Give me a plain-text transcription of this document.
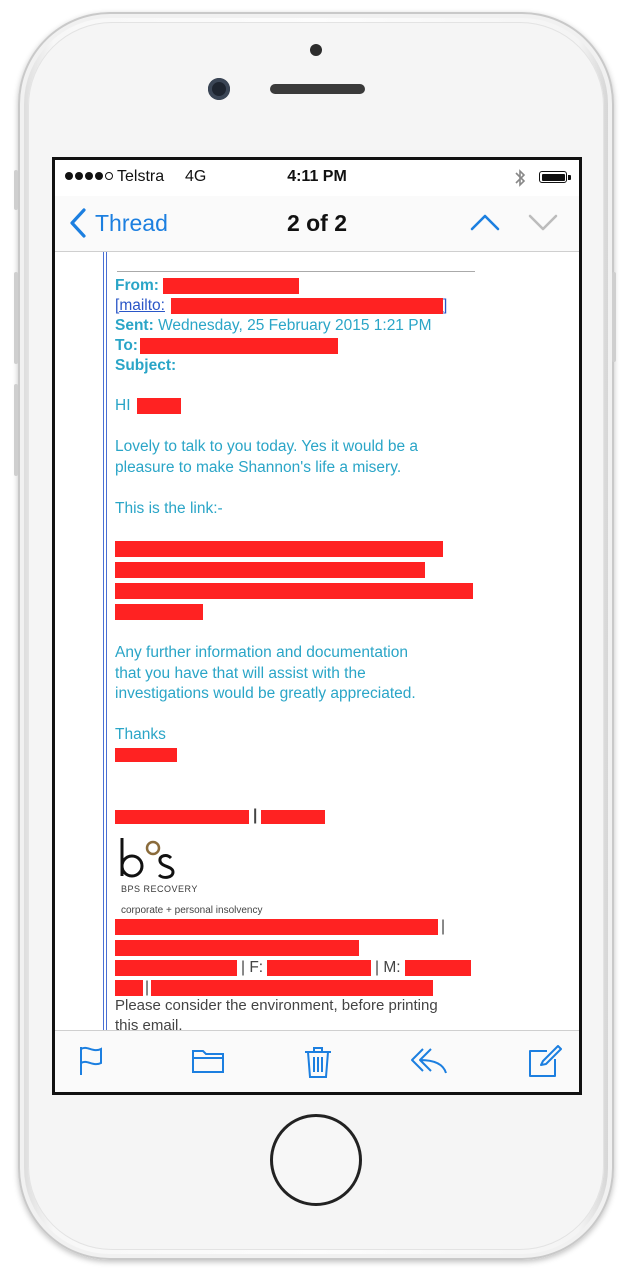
Telstra 4G	4:11 PM
Thread	2 of 2
From:
[mailto:	]
Sent: Wednesday, 25 February 2015 1:21 PM
To:
Subject:
HI
Lovely to talk to you today. Yes it would be a
pleasure to make Shannon's life a misery.
This is the link:-
Any further information and documentation
that you have that will assist with the
investigations would be greatly appreciated.
Thanks
|
BPS RECOVERY
corporate + personal insolvency
|
| F:	| M:
|
Please consider the environment, before printing
this email.
